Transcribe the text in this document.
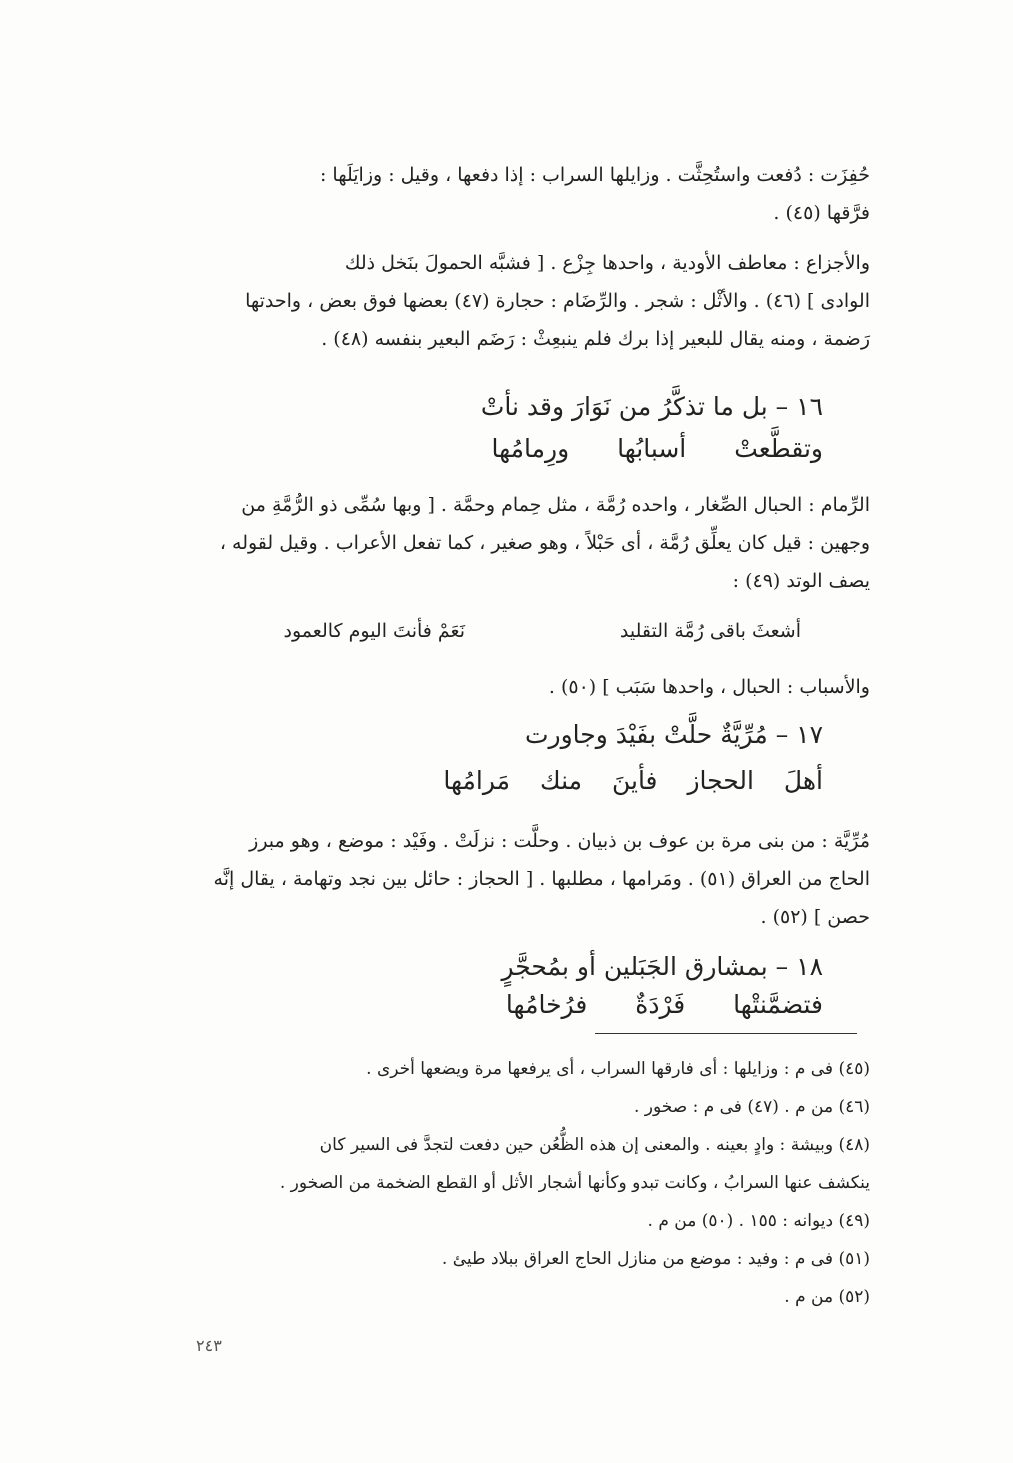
حُفِزَت : دُفعت واستُحِثَّت . وزايلها السراب : إذا دفعها ، وقيل : وزايَلَها :
فرَّقها (٤٥) .
والأجزاع : معاطف الأودية ، واحدها جِزْع . [ فشبَّه الحمولَ بنَخل ذلك
الوادى ] (٤٦) . والأثْل : شجر . والرِّضَام : حجارة (٤٧) بعضها فوق بعض ، واحدتها
رَضمة ، ومنه يقال للبعير إذا برك فلم ينبعِثْ : رَضَم البعير بنفسه (٤٨) .
١٦ – بل ما تذكَّرُ من نَوَارَ وقد نأتْ
وتقطَّعتْ أسبابُها ورِمامُها
الرِّمام : الحبال الصِّغار ، واحده رُمَّة ، مثل حِمام وحمَّة . [ وبها سُمِّى ذو الرُّمَّةِ من
وجهين : قيل كان يعلِّق رُمَّة ، أى حَبْلاً ، وهو صغير ، كما تفعل الأعراب . وقيل لقوله ،
يصف الوتد (٤٩) :
أشعثَ باقى رُمَّة التقليد
نَعَمْ فأنتَ اليوم كالعمود
والأسباب : الحبال ، واحدها سَبَب ] (٥٠) .
١٧ – مُرِّيَّةٌ حلَّتْ بفَيْدَ وجاورت
أهلَ الحجاز فأينَ منك مَرامُها
مُرِّيَّة : من بنى مرة بن عوف بن ذبيان . وحلَّت : نزلَتْ . وفَيْد : موضع ، وهو مبرز
الحاج من العراق (٥١) . ومَرامها ، مطلبها . [ الحجاز : حائل بين نجد وتهامة ، يقال إنَّه
حصن ] (٥٢) .
١٨ – بمشارق الجَبَلين أو بمُحجَّرٍ
فتضمَّنتْها فَرْدَةٌ فرُخامُها
(٤٥) فى م : وزايلها : أى فارقها السراب ، أى يرفعها مرة ويضعها أخرى .
(٤٦) من م . (٤٧) فى م : صخور .
(٤٨) وبيشة : وادٍ بعينه . والمعنى إن هذه الظُّعُن حين دفعت لتجدَّ فى السير كان
ينكشف عنها السرابُ ، وكانت تبدو وكأنها أشجار الأثل أو القطع الضخمة من الصخور .
(٤٩) ديوانه : ١٥٥ . (٥٠) من م .
(٥١) فى م : وفيد : موضع من منازل الحاج العراق ببلاد طيئ .
(٥٢) من م .
٢٤٣
